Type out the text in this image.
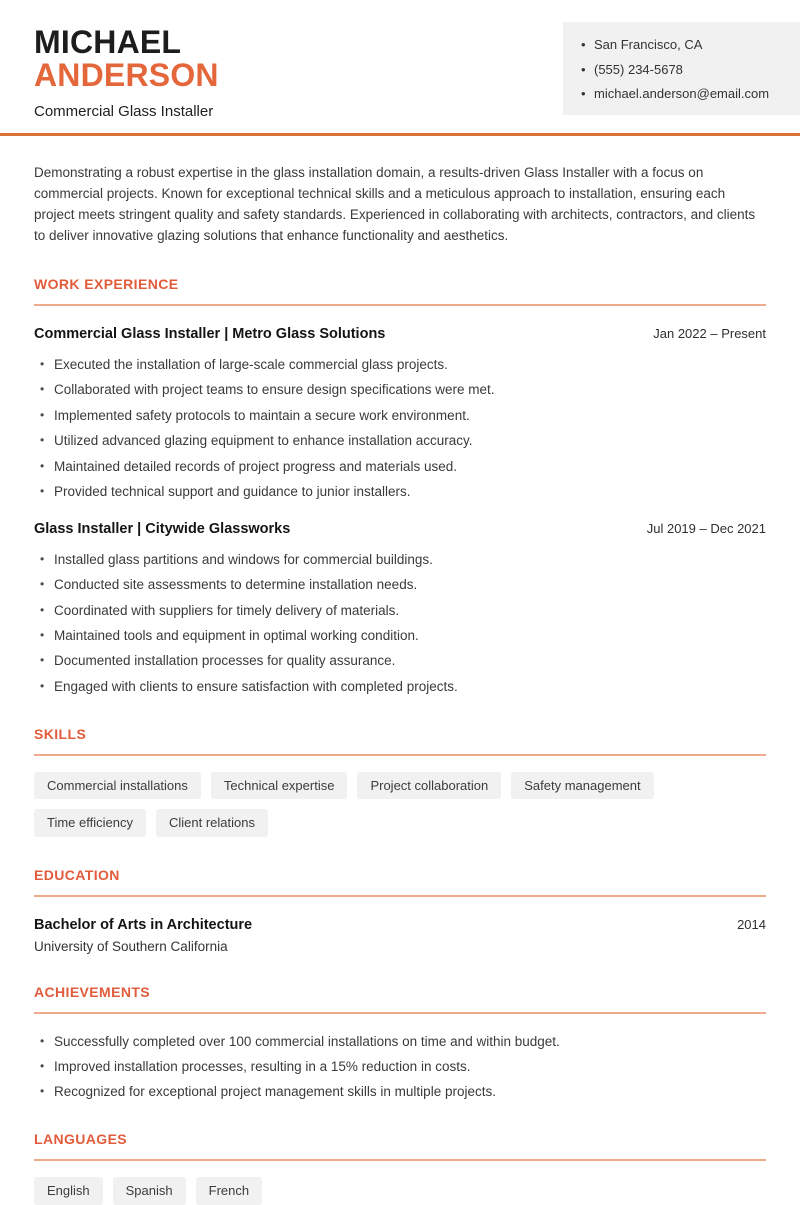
MICHAEL
ANDERSON
Commercial Glass Installer
• San Francisco, CA
• (555) 234-5678
• michael.anderson@email.com

Demonstrating a robust expertise in the glass installation domain, a results-driven Glass Installer with a focus on commercial projects. Known for exceptional technical skills and a meticulous approach to installation, ensuring each project meets stringent quality and safety standards. Experienced in collaborating with architects, contractors, and clients to deliver innovative glazing solutions that enhance functionality and aesthetics.

WORK EXPERIENCE
Commercial Glass Installer | Metro Glass Solutions	Jan 2022 – Present
• Executed the installation of large-scale commercial glass projects.
• Collaborated with project teams to ensure design specifications were met.
• Implemented safety protocols to maintain a secure work environment.
• Utilized advanced glazing equipment to enhance installation accuracy.
• Maintained detailed records of project progress and materials used.
• Provided technical support and guidance to junior installers.
Glass Installer | Citywide Glassworks	Jul 2019 – Dec 2021
• Installed glass partitions and windows for commercial buildings.
• Conducted site assessments to determine installation needs.
• Coordinated with suppliers for timely delivery of materials.
• Maintained tools and equipment in optimal working condition.
• Documented installation processes for quality assurance.
• Engaged with clients to ensure satisfaction with completed projects.
SKILLS
Commercial installations	Technical expertise	Project collaboration	Safety management
Time efficiency	Client relations
EDUCATION
Bachelor of Arts in Architecture	2014
University of Southern California
ACHIEVEMENTS
• Successfully completed over 100 commercial installations on time and within budget.
• Improved installation processes, resulting in a 15% reduction in costs.
• Recognized for exceptional project management skills in multiple projects.
LANGUAGES
English	Spanish	French
